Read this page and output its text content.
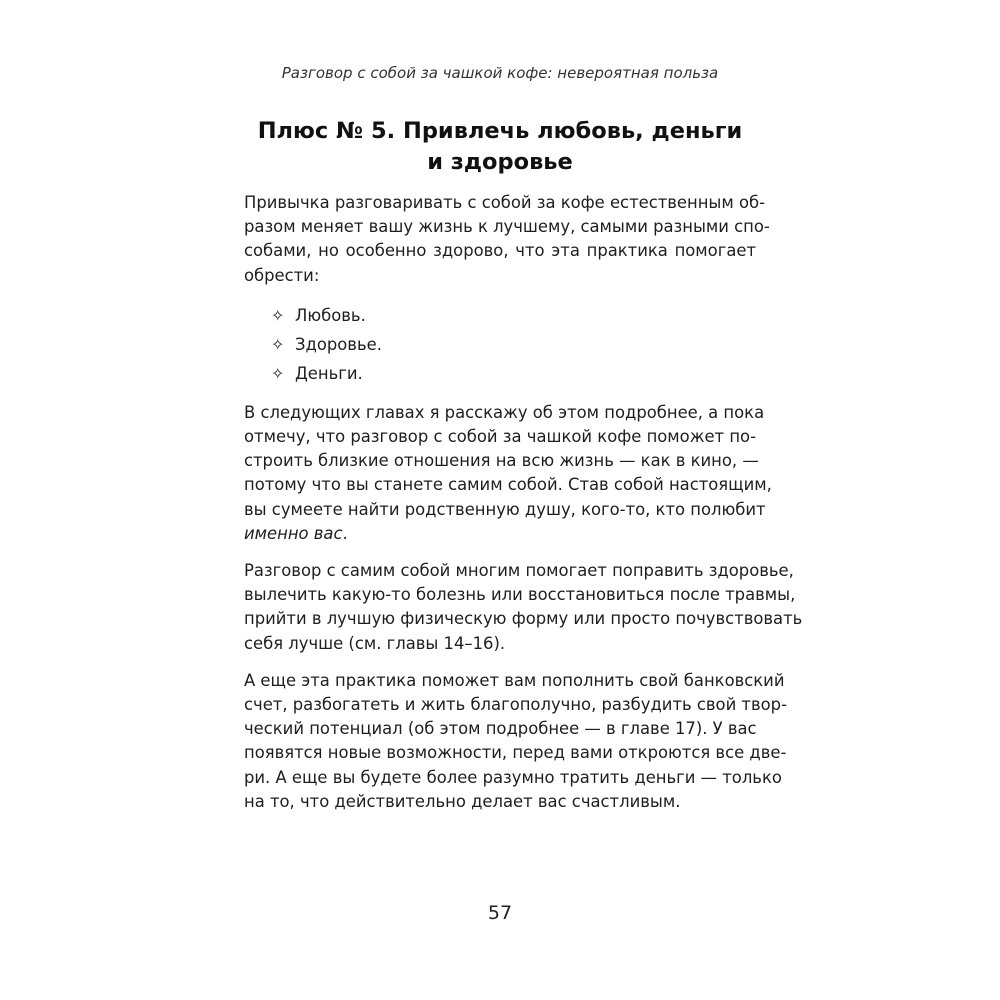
Разговор с собой за чашкой кофе: невероятная польза
Плюс № 5. Привлечь любовь, деньги
и здоровье

Привычка разговаривать с собой за кофе естественным об-
разом меняет вашу жизнь к лучшему, самыми разными спо-
собами, но особенно здорово, что эта практика помогает
обрести:

✧ Любовь.
✧ Здоровье.
✧ Деньги.

В следующих главах я расскажу об этом подробнее, а пока
отмечу, что разговор с собой за чашкой кофе поможет по-
строить близкие отношения на всю жизнь — как в кино, —
потому что вы станете самим собой. Став собой настоящим,
вы сумеете найти родственную душу, кого-то, кто полюбит
именно вас.

Разговор с самим собой многим помогает поправить здоровье,
вылечить какую-то болезнь или восстановиться после травмы,
прийти в лучшую физическую форму или просто почувствовать
себя лучше (см. главы 14–16).

А еще эта практика поможет вам пополнить свой банковский
счет, разбогатеть и жить благополучно, разбудить свой твор-
ческий потенциал (об этом подробнее — в главе 17). У вас
появятся новые возможности, перед вами откроются все две-
ри. А еще вы будете более разумно тратить деньги — только
на то, что действительно делает вас счастливым.

57
